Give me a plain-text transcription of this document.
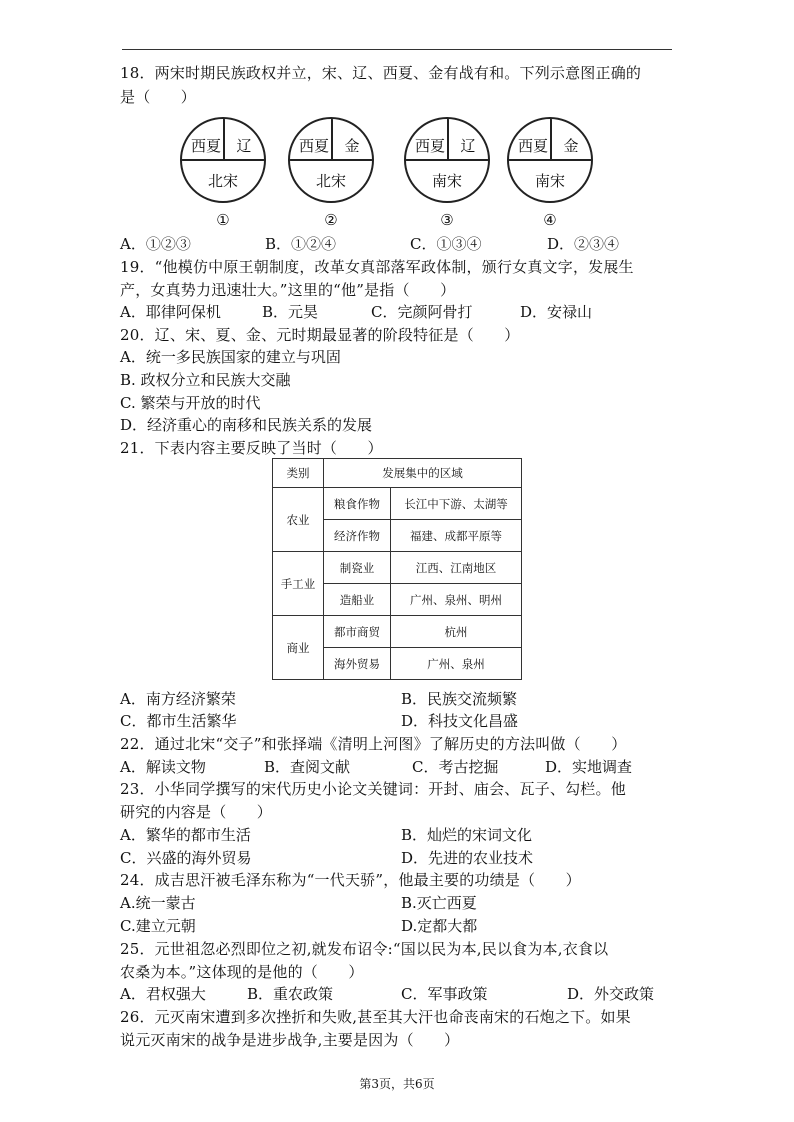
18．两宋时期民族政权并立，宋、辽、西夏、金有战有和。下列示意图正确的
是（　　）
西夏	辽
北宋
西夏	金
北宋
西夏	辽
南宋
西夏	金
南宋
①	②	③	④
A．①②③	B．①②④	C．①③④	D．②③④
19．“他模仿中原王朝制度，改革女真部落军政体制，颁行女真文字，发展生
产，女真势力迅速壮大。”这里的“他”是指（　　）
A．耶律阿保机	B．元昊	C．完颜阿骨打	D．安禄山
20．辽、宋、夏、金、元时期最显著的阶段特征是（　　）
A．统一多民族国家的建立与巩固
B. 政权分立和民族大交融
C. 繁荣与开放的时代
D．经济重心的南移和民族关系的发展
21．下表内容主要反映了当时（　　）
类别	发展集中的区域	
农业	粮食作物	长江中下游、太湖等
	经济作物	福建、成都平原等
手工业	制瓷业	江西、江南地区
	造船业	广州、泉州、明州
商业	都市商贸	杭州
	海外贸易	广州、泉州
A．南方经济繁荣	B．民族交流频繁
C．都市生活繁华	D．科技文化昌盛
22．通过北宋“交子”和张择端《清明上河图》了解历史的方法叫做（　　）
A．解读文物	B．查阅文献	C．考古挖掘	D．实地调查
23．小华同学撰写的宋代历史小论文关键词：开封、庙会、瓦子、勾栏。他
研究的内容是（　　）
A．繁华的都市生活	B．灿烂的宋词文化
C．兴盛的海外贸易	D．先进的农业技术
24．成吉思汗被毛泽东称为“一代天骄”，他最主要的功绩是（　　）
A.统一蒙古	B.灭亡西夏
C.建立元朝	D.定都大都
25．元世祖忽必烈即位之初,就发布诏令:“国以民为本,民以食为本,衣食以
农桑为本。”这体现的是他的（　　）
A．君权强大	B．重农政策	C．军事政策	D．外交政策
26．元灭南宋遭到多次挫折和失败,甚至其大汗也命丧南宋的石炮之下。如果
说元灭南宋的战争是进步战争,主要是因为（　　）
第3页，共6页
